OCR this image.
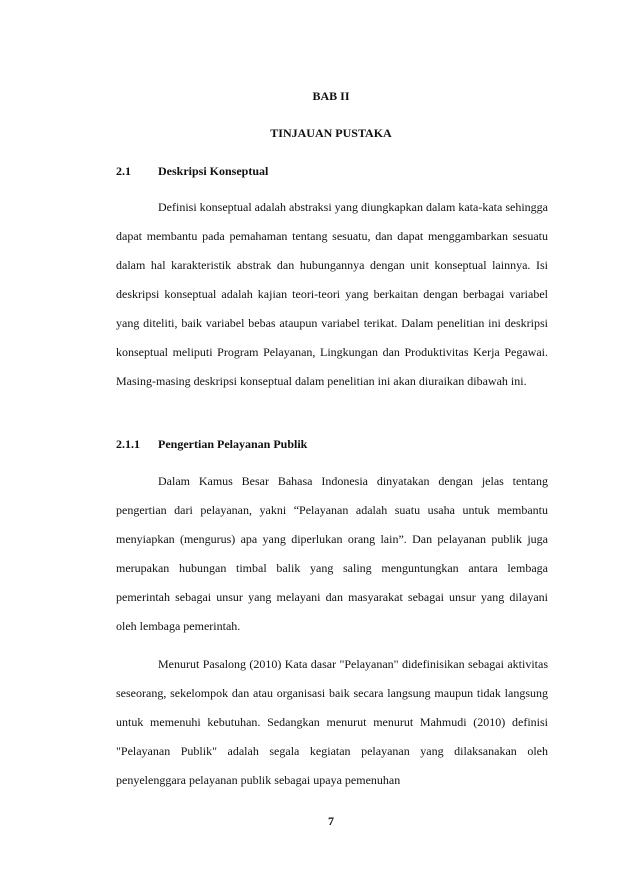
BAB II
TINJAUAN PUSTAKA
2.1 Deskripsi Konseptual

Definisi konseptual adalah abstraksi yang diungkapkan dalam kata-kata sehingga dapat membantu pada pemahaman tentang sesuatu, dan dapat menggambarkan sesuatu dalam hal karakteristik abstrak dan hubungannya dengan unit konseptual lainnya. Isi deskripsi konseptual adalah kajian teori-teori yang berkaitan dengan berbagai variabel yang diteliti, baik variabel bebas ataupun variabel terikat. Dalam penelitian ini deskripsi konseptual meliputi Program Pelayanan, Lingkungan dan Produktivitas Kerja Pegawai. Masing-masing deskripsi konseptual dalam penelitian ini akan diuraikan dibawah ini.

2.1.1 Pengertian Pelayanan Publik

Dalam Kamus Besar Bahasa Indonesia dinyatakan dengan jelas tentang pengertian dari pelayanan, yakni “Pelayanan adalah suatu usaha untuk membantu menyiapkan (mengurus) apa yang diperlukan orang lain”. Dan pelayanan publik juga merupakan hubungan timbal balik yang saling menguntungkan antara lembaga pemerintah sebagai unsur yang melayani dan masyarakat sebagai unsur yang dilayani oleh lembaga pemerintah.

Menurut Pasalong (2010) Kata dasar "Pelayanan" didefinisikan sebagai aktivitas seseorang, sekelompok dan atau organisasi baik secara langsung maupun tidak langsung untuk memenuhi kebutuhan. Sedangkan menurut menurut Mahmudi (2010) definisi "Pelayanan Publik" adalah segala kegiatan pelayanan yang dilaksanakan oleh penyelenggara pelayanan publik sebagai upaya pemenuhan

7
